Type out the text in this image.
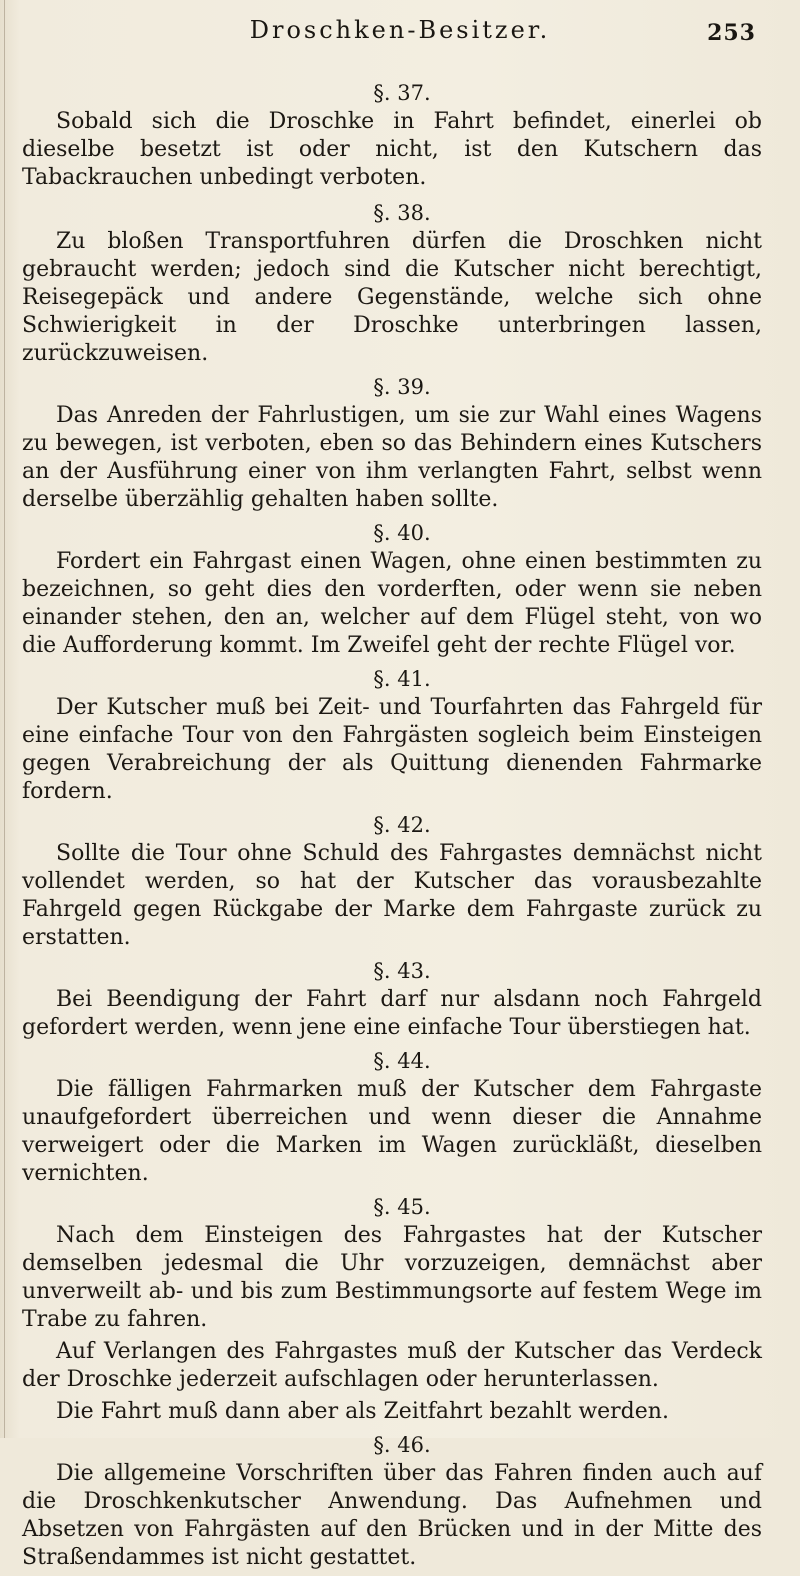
Droschken-Besitzer.	253
§. 37.

Sobald sich die Droschke in Fahrt befindet, einerlei ob dieselbe besetzt ist oder nicht, ist den Kutschern das Tabackrauchen unbedingt verboten.

§. 38.

Zu bloßen Transportfuhren dürfen die Droschken nicht gebraucht werden; jedoch sind die Kutscher nicht berechtigt, Reisegepäck und andere Gegenstände, welche sich ohne Schwierigkeit in der Droschke unterbringen lassen, zurückzuweisen.

§. 39.

Das Anreden der Fahrlustigen, um sie zur Wahl eines Wagens zu bewegen, ist verboten, eben so das Behindern eines Kutschers an der Ausführung einer von ihm verlangten Fahrt, selbst wenn derselbe überzählig gehalten haben sollte.

§. 40.

Fordert ein Fahrgast einen Wagen, ohne einen bestimmten zu bezeichnen, so geht dies den vorderften, oder wenn sie neben einander stehen, den an, welcher auf dem Flügel steht, von wo die Aufforderung kommt. Im Zweifel geht der rechte Flügel vor.

§. 41.

Der Kutscher muß bei Zeit- und Tourfahrten das Fahrgeld für eine einfache Tour von den Fahrgästen sogleich beim Einsteigen gegen Verabreichung der als Quittung dienenden Fahrmarke fordern.

§. 42.

Sollte die Tour ohne Schuld des Fahrgastes demnächst nicht vollendet werden, so hat der Kutscher das vorausbezahlte Fahrgeld gegen Rückgabe der Marke dem Fahrgaste zurück zu erstatten.

§. 43.

Bei Beendigung der Fahrt darf nur alsdann noch Fahrgeld gefordert werden, wenn jene eine einfache Tour überstiegen hat.

§. 44.

Die fälligen Fahrmarken muß der Kutscher dem Fahrgaste unaufgefordert überreichen und wenn dieser die Annahme verweigert oder die Marken im Wagen zurückläßt, dieselben vernichten.

§. 45.

Nach dem Einsteigen des Fahrgastes hat der Kutscher demselben jedesmal die Uhr vorzuzeigen, demnächst aber unverweilt ab- und bis zum Bestimmungsorte auf festem Wege im Trabe zu fahren.

Auf Verlangen des Fahrgastes muß der Kutscher das Verdeck der Droschke jederzeit aufschlagen oder herunterlassen.

Die Fahrt muß dann aber als Zeitfahrt bezahlt werden.

§. 46.

Die allgemeine Vorschriften über das Fahren finden auch auf die Droschkenkutscher Anwendung. Das Aufnehmen und Absetzen von Fahrgästen auf den Brücken und in der Mitte des Straßendammes ist nicht gestattet.
